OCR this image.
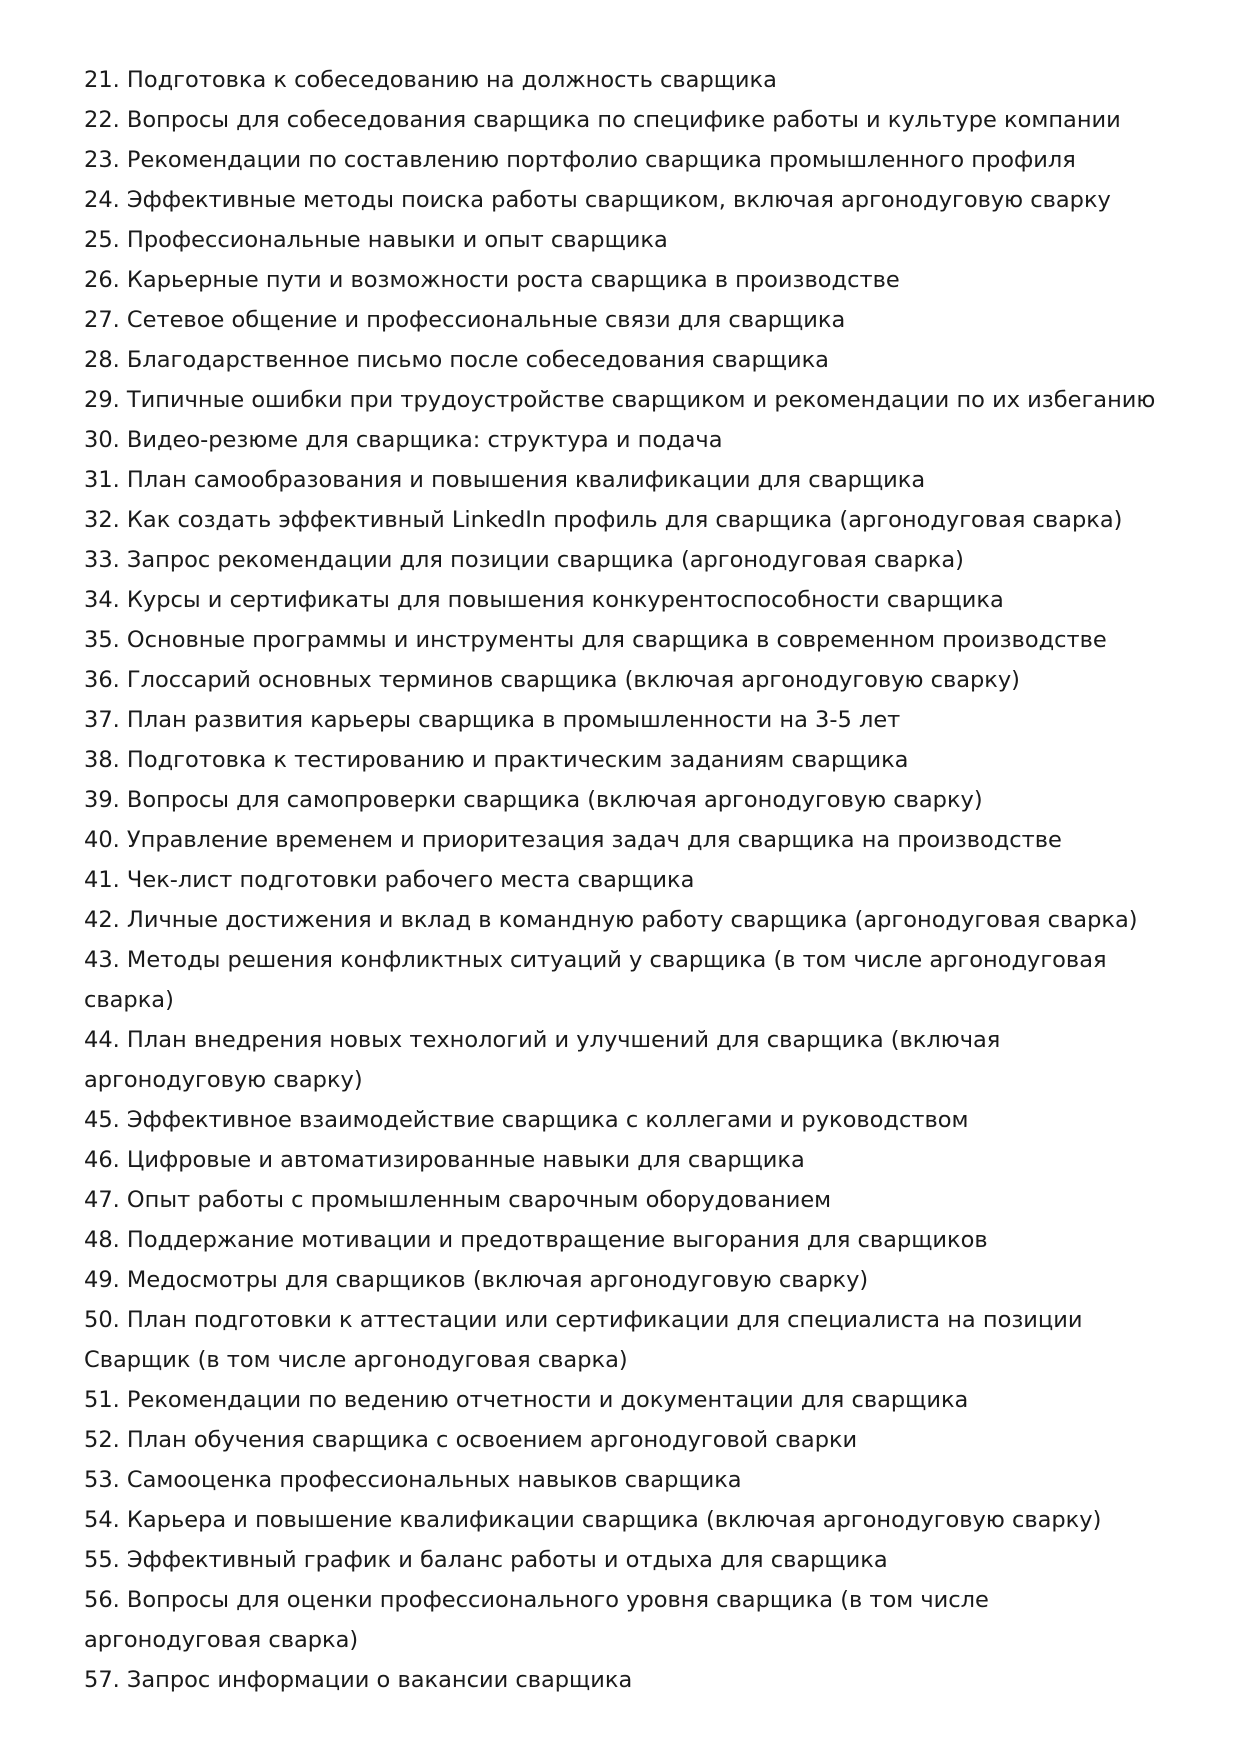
21. Подготовка к собеседованию на должность сварщика
22. Вопросы для собеседования сварщика по специфике работы и культуре компании
23. Рекомендации по составлению портфолио сварщика промышленного профиля
24. Эффективные методы поиска работы сварщиком, включая аргонодуговую сварку
25. Профессиональные навыки и опыт сварщика
26. Карьерные пути и возможности роста сварщика в производстве
27. Сетевое общение и профессиональные связи для сварщика
28. Благодарственное письмо после собеседования сварщика
29. Типичные ошибки при трудоустройстве сварщиком и рекомендации по их избеганию
30. Видео-резюме для сварщика: структура и подача
31. План самообразования и повышения квалификации для сварщика
32. Как создать эффективный LinkedIn профиль для сварщика (аргонодуговая сварка)
33. Запрос рекомендации для позиции сварщика (аргонодуговая сварка)
34. Курсы и сертификаты для повышения конкурентоспособности сварщика
35. Основные программы и инструменты для сварщика в современном производстве
36. Глоссарий основных терминов сварщика (включая аргонодуговую сварку)
37. План развития карьеры сварщика в промышленности на 3-5 лет
38. Подготовка к тестированию и практическим заданиям сварщика
39. Вопросы для самопроверки сварщика (включая аргонодуговую сварку)
40. Управление временем и приоритезация задач для сварщика на производстве
41. Чек-лист подготовки рабочего места сварщика
42. Личные достижения и вклад в командную работу сварщика (аргонодуговая сварка)
43. Методы решения конфликтных ситуаций у сварщика (в том числе аргонодуговая сварка)
44. План внедрения новых технологий и улучшений для сварщика (включая аргонодуговую сварку)
45. Эффективное взаимодействие сварщика с коллегами и руководством
46. Цифровые и автоматизированные навыки для сварщика
47. Опыт работы с промышленным сварочным оборудованием
48. Поддержание мотивации и предотвращение выгорания для сварщиков
49. Медосмотры для сварщиков (включая аргонодуговую сварку)
50. План подготовки к аттестации или сертификации для специалиста на позиции Сварщик (в том числе аргонодуговая сварка)
51. Рекомендации по ведению отчетности и документации для сварщика
52. План обучения сварщика с освоением аргонодуговой сварки
53. Самооценка профессиональных навыков сварщика
54. Карьера и повышение квалификации сварщика (включая аргонодуговую сварку)
55. Эффективный график и баланс работы и отдыха для сварщика
56. Вопросы для оценки профессионального уровня сварщика (в том числе аргонодуговая сварка)
57. Запрос информации о вакансии сварщика
